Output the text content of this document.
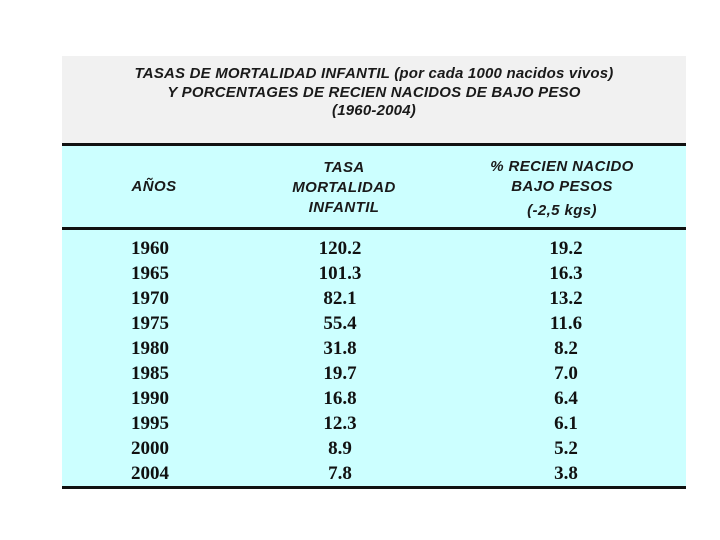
TASAS DE MORTALIDAD INFANTIL (por cada 1000 nacidos vivos)
Y PORCENTAGES DE RECIEN NACIDOS DE BAJO PESO
(1960-2004)
AÑOS
TASA
MORTALIDAD
INFANTIL
% RECIEN NACIDO
BAJO PESOS
(-2,5 kgs)
1960
1965
1970
1975
1980
1985
1990
1995
2000
2004
120.2
101.3
82.1
55.4
31.8
19.7
16.8
12.3
8.9
7.8
19.2
16.3
13.2
11.6
8.2
7.0
6.4
6.1
5.2
3.8
